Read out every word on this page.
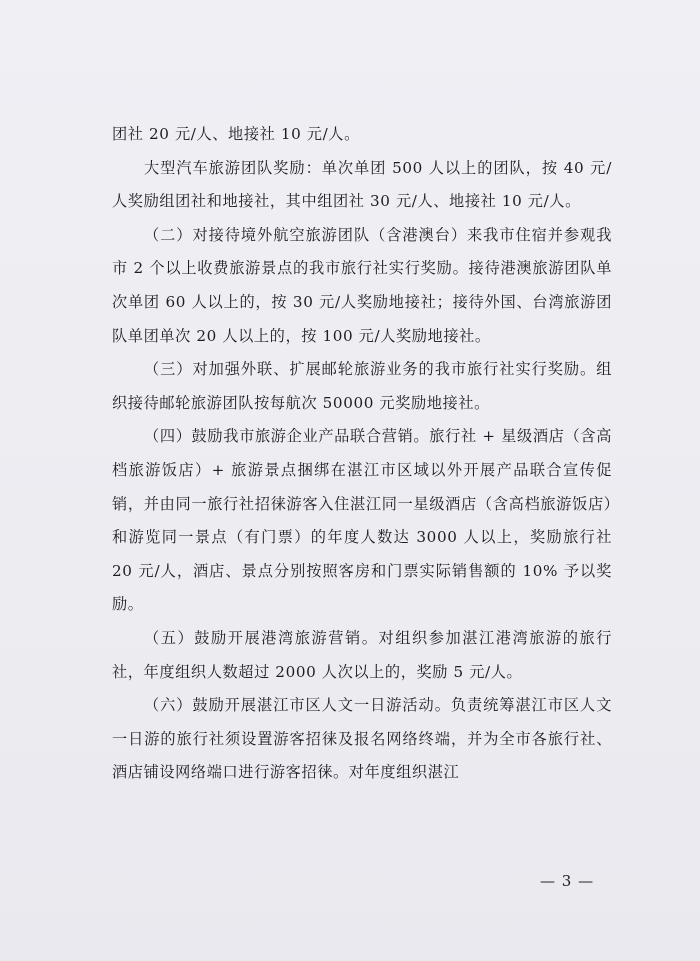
团社 20 元/人、地接社 10 元/人。

大型汽车旅游团队奖励：单次单团 500 人以上的团队，按 40 元/人奖励组团社和地接社，其中组团社 30 元/人、地接社 10 元/人。

（二）对接待境外航空旅游团队（含港澳台）来我市住宿并参观我市 2 个以上收费旅游景点的我市旅行社实行奖励。接待港澳旅游团队单次单团 60 人以上的，按 30 元/人奖励地接社；接待外国、台湾旅游团队单团单次 20 人以上的，按 100 元/人奖励地接社。

（三）对加强外联、扩展邮轮旅游业务的我市旅行社实行奖励。组织接待邮轮旅游团队按每航次 50000 元奖励地接社。

（四）鼓励我市旅游企业产品联合营销。旅行社 + 星级酒店（含高档旅游饭店）+ 旅游景点捆绑在湛江市区域以外开展产品联合宣传促销，并由同一旅行社招徕游客入住湛江同一星级酒店（含高档旅游饭店）和游览同一景点（有门票）的年度人数达 3000 人以上，奖励旅行社 20 元/人，酒店、景点分别按照客房和门票实际销售额的 10% 予以奖励。

（五）鼓励开展港湾旅游营销。对组织参加湛江港湾旅游的旅行社，年度组织人数超过 2000 人次以上的，奖励 5 元/人。

（六）鼓励开展湛江市区人文一日游活动。负责统筹湛江市区人文一日游的旅行社须设置游客招徕及报名网络终端，并为全市各旅行社、酒店铺设网络端口进行游客招徕。对年度组织湛江

— 3 —
